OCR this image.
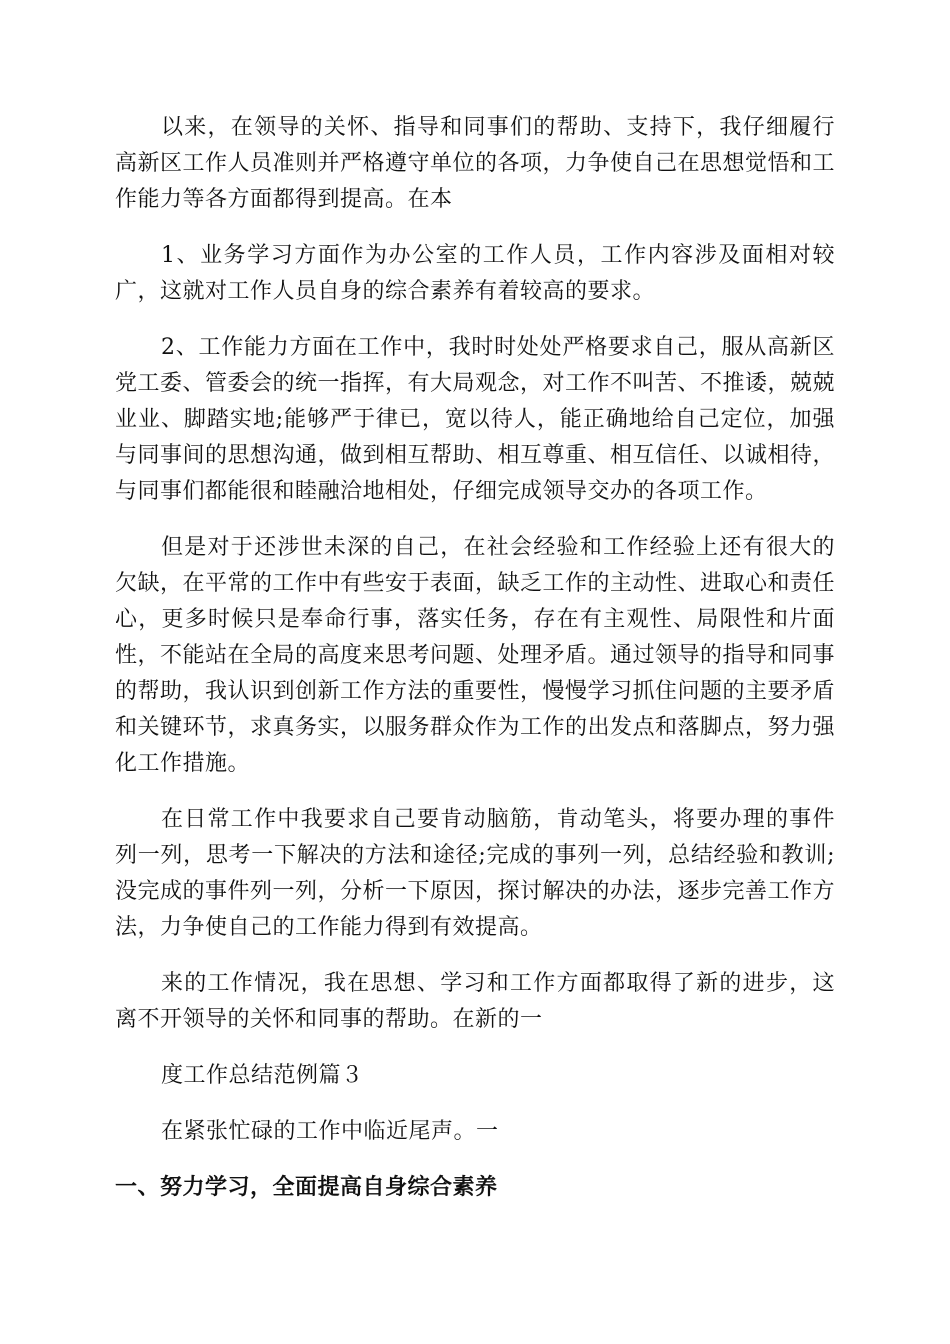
以来，在领导的关怀、指导和同事们的帮助、支持下，我仔细履行高新区工作人员准则并严格遵守单位的各项，力争使自己在思想觉悟和工作能力等各方面都得到提高。在本

1、业务学习方面作为办公室的工作人员，工作内容涉及面相对较广，这就对工作人员自身的综合素养有着较高的要求。

2、工作能力方面在工作中，我时时处处严格要求自己，服从高新区党工委、管委会的统一指挥，有大局观念，对工作不叫苦、不推诿，兢兢业业、脚踏实地;能够严于律已，宽以待人，能正确地给自己定位，加强与同事间的思想沟通，做到相互帮助、相互尊重、相互信任、以诚相待，与同事们都能很和睦融洽地相处，仔细完成领导交办的各项工作。

但是对于还涉世未深的自己，在社会经验和工作经验上还有很大的欠缺，在平常的工作中有些安于表面，缺乏工作的主动性、进取心和责任心，更多时候只是奉命行事，落实任务，存在有主观性、局限性和片面性，不能站在全局的高度来思考问题、处理矛盾。通过领导的指导和同事的帮助，我认识到创新工作方法的重要性，慢慢学习抓住问题的主要矛盾和关键环节，求真务实，以服务群众作为工作的出发点和落脚点，努力强化工作措施。

在日常工作中我要求自己要肯动脑筋，肯动笔头，将要办理的事件列一列，思考一下解决的方法和途径;完成的事列一列，总结经验和教训;没完成的事件列一列，分析一下原因，探讨解决的办法，逐步完善工作方法，力争使自己的工作能力得到有效提高。

来的工作情况，我在思想、学习和工作方面都取得了新的进步，这离不开领导的关怀和同事的帮助。在新的一

度工作总结范例篇３

在紧张忙碌的工作中临近尾声。一

一、努力学习，全面提高自身综合素养
